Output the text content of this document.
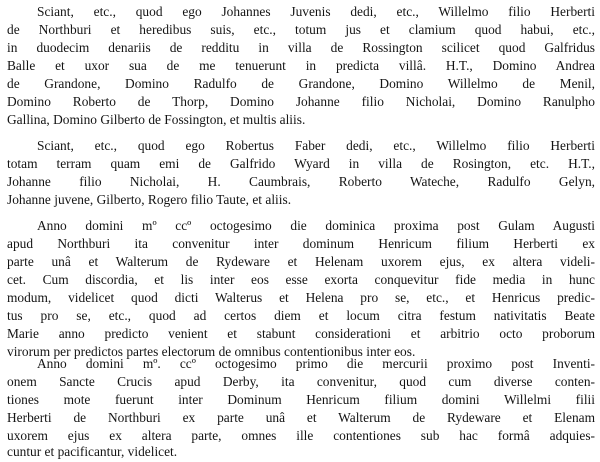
Sciant, etc., quod ego Johannes Juvenis dedi, etc., Willelmo filio Herberti
de Northburi et heredibus suis, etc., totum jus et clamium quod habui, etc.,
in duodecim denariis de redditu in villa de Rossington scilicet quod Galfridus
Balle et uxor sua de me tenuerunt in predicta villâ. H.T., Domino Andrea
de Grandone, Domino Radulfo de Grandone, Domino Willelmo de Menil,
Domino Roberto de Thorp, Domino Johanne filio Nicholai, Domino Ranulpho
Gallina, Domino Gilberto de Fossington, et multis aliis.
Sciant, etc., quod ego Robertus Faber dedi, etc., Willelmo filio Herberti
totam terram quam emi de Galfrido Wyard in villa de Rosington, etc. H.T.,
Johanne filio Nicholai, H. Caumbrais, Roberto Wateche, Radulfo Gelyn,
Johanne juvene, Gilberto, Rogero filio Taute, et aliis.
Anno domini mº ccº octogesimo die dominica proxima post Gulam Augusti
apud Northburi ita convenitur inter dominum Henricum filium Herberti ex
parte unâ et Walterum de Rydeware et Helenam uxorem ejus, ex altera videli-
cet. Cum discordia, et lis inter eos esse exorta conquevitur fide media in hunc
modum, videlicet quod dicti Walterus et Helena pro se, etc., et Henricus predic-
tus pro se, etc., quod ad certos diem et locum citra festum nativitatis Beate
Marie anno predicto venient et stabunt considerationi et arbitrio octo proborum
virorum per predictos partes electorum de omnibus contentionibus inter eos.
Anno domini mº. ccº octogesimo primo die mercurii proximo post Inventi-
onem Sancte Crucis apud Derby, ita convenitur, quod cum diverse conten-
tiones mote fuerunt inter Dominum Henricum filium domini Willelmi filii
Herberti de Northburi ex parte unâ et Walterum de Rydeware et Elenam
uxorem ejus ex altera parte, omnes ille contentiones sub hac formâ adquies-
cuntur et pacificantur, videlicet.
